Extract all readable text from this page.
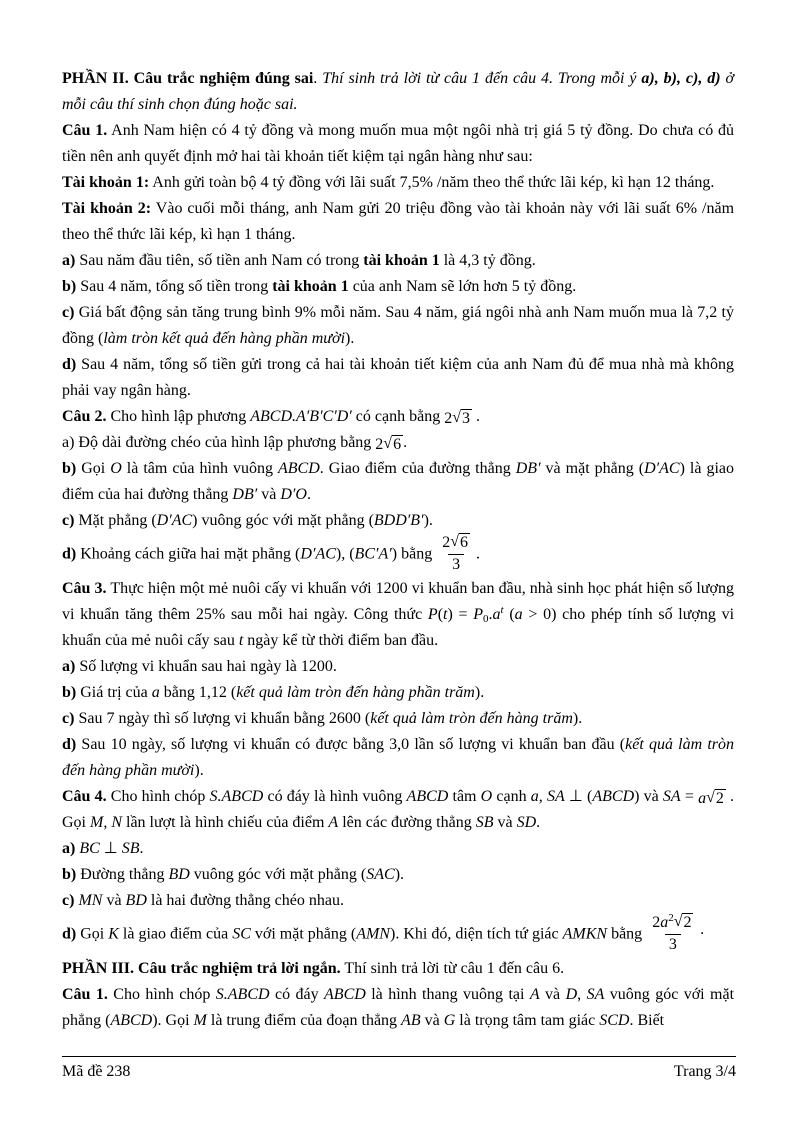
PHẦN II. Câu trắc nghiệm đúng sai. Thí sinh trả lời từ câu 1 đến câu 4. Trong mỗi ý a), b), c), d) ở mỗi câu thí sinh chọn đúng hoặc sai.

Câu 1. Anh Nam hiện có 4 tỷ đồng và mong muốn mua một ngôi nhà trị giá 5 tỷ đồng. Do chưa có đủ tiền nên anh quyết định mở hai tài khoản tiết kiệm tại ngân hàng như sau:

Tài khoản 1: Anh gửi toàn bộ 4 tỷ đồng với lãi suất 7,5% /năm theo thể thức lãi kép, kì hạn 12 tháng.

Tài khoản 2: Vào cuối mỗi tháng, anh Nam gửi 20 triệu đồng vào tài khoản này với lãi suất 6% /năm theo thể thức lãi kép, kì hạn 1 tháng.

a) Sau năm đầu tiên, số tiền anh Nam có trong tài khoản 1 là 4,3 tỷ đồng.

b) Sau 4 năm, tổng số tiền trong tài khoản 1 của anh Nam sẽ lớn hơn 5 tỷ đồng.

c) Giá bất động sản tăng trung bình 9% mỗi năm. Sau 4 năm, giá ngôi nhà anh Nam muốn mua là 7,2 tỷ đồng (làm tròn kết quả đến hàng phần mười).

d) Sau 4 năm, tổng số tiền gửi trong cả hai tài khoản tiết kiệm của anh Nam đủ để mua nhà mà không phải vay ngân hàng.

Câu 2. Cho hình lập phương ABCD.A′B′C′D′ có cạnh bằng 2√3 .

a) Độ dài đường chéo của hình lập phương bằng 2√6 .

b) Gọi O là tâm của hình vuông ABCD. Giao điểm của đường thẳng DB′ và mặt phẳng (D′AC) là giao điểm của hai đường thẳng DB′ và D′O.

c) Mặt phẳng (D′AC) vuông góc với mặt phẳng (BDD′B′).

d) Khoảng cách giữa hai mặt phẳng (D′AC), (BC′A′) bằng $\frac{2√6}{3}$ .

Câu 3. Thực hiện một mẻ nuôi cấy vi khuẩn với 1200 vi khuẩn ban đầu, nhà sinh học phát hiện số lượng vi khuẩn tăng thêm 25% sau mỗi hai ngày. Công thức $P(t) = P_0.a^t$ (a > 0) cho phép tính số lượng vi khuẩn của mẻ nuôi cấy sau t ngày kể từ thời điểm ban đầu.

a) Số lượng vi khuẩn sau hai ngày là 1200.

b) Giá trị của a bằng 1,12 (kết quả làm tròn đến hàng phần trăm).

c) Sau 7 ngày thì số lượng vi khuẩn bằng 2600 (kết quả làm tròn đến hàng trăm).

d) Sau 10 ngày, số lượng vi khuẩn có được bằng 3,0 lần số lượng vi khuẩn ban đầu (kết quả làm tròn đến hàng phần mười).

Câu 4. Cho hình chóp S.ABCD có đáy là hình vuông ABCD tâm O cạnh a, SA ⊥ (ABCD) và SA = a√2 . Gọi M, N lần lượt là hình chiếu của điểm A lên các đường thẳng SB và SD.

a) BC ⊥ SB.

b) Đường thẳng BD vuông góc với mặt phẳng (SAC).

c) MN và BD là hai đường thẳng chéo nhau.

d) Gọi K là giao điểm của SC với mặt phẳng (AMN). Khi đó, diện tích tứ giác AMKN bằng $\frac{2a^2√2}{3}$ ·

PHẦN III. Câu trắc nghiệm trả lời ngắn. Thí sinh trả lời từ câu 1 đến câu 6.

Câu 1. Cho hình chóp S.ABCD có đáy ABCD là hình thang vuông tại A và D, SA vuông góc với mặt phẳng (ABCD). Gọi M là trung điểm của đoạn thẳng AB và G là trọng tâm tam giác SCD. Biết

Mã đề 238	Trang 3/4
